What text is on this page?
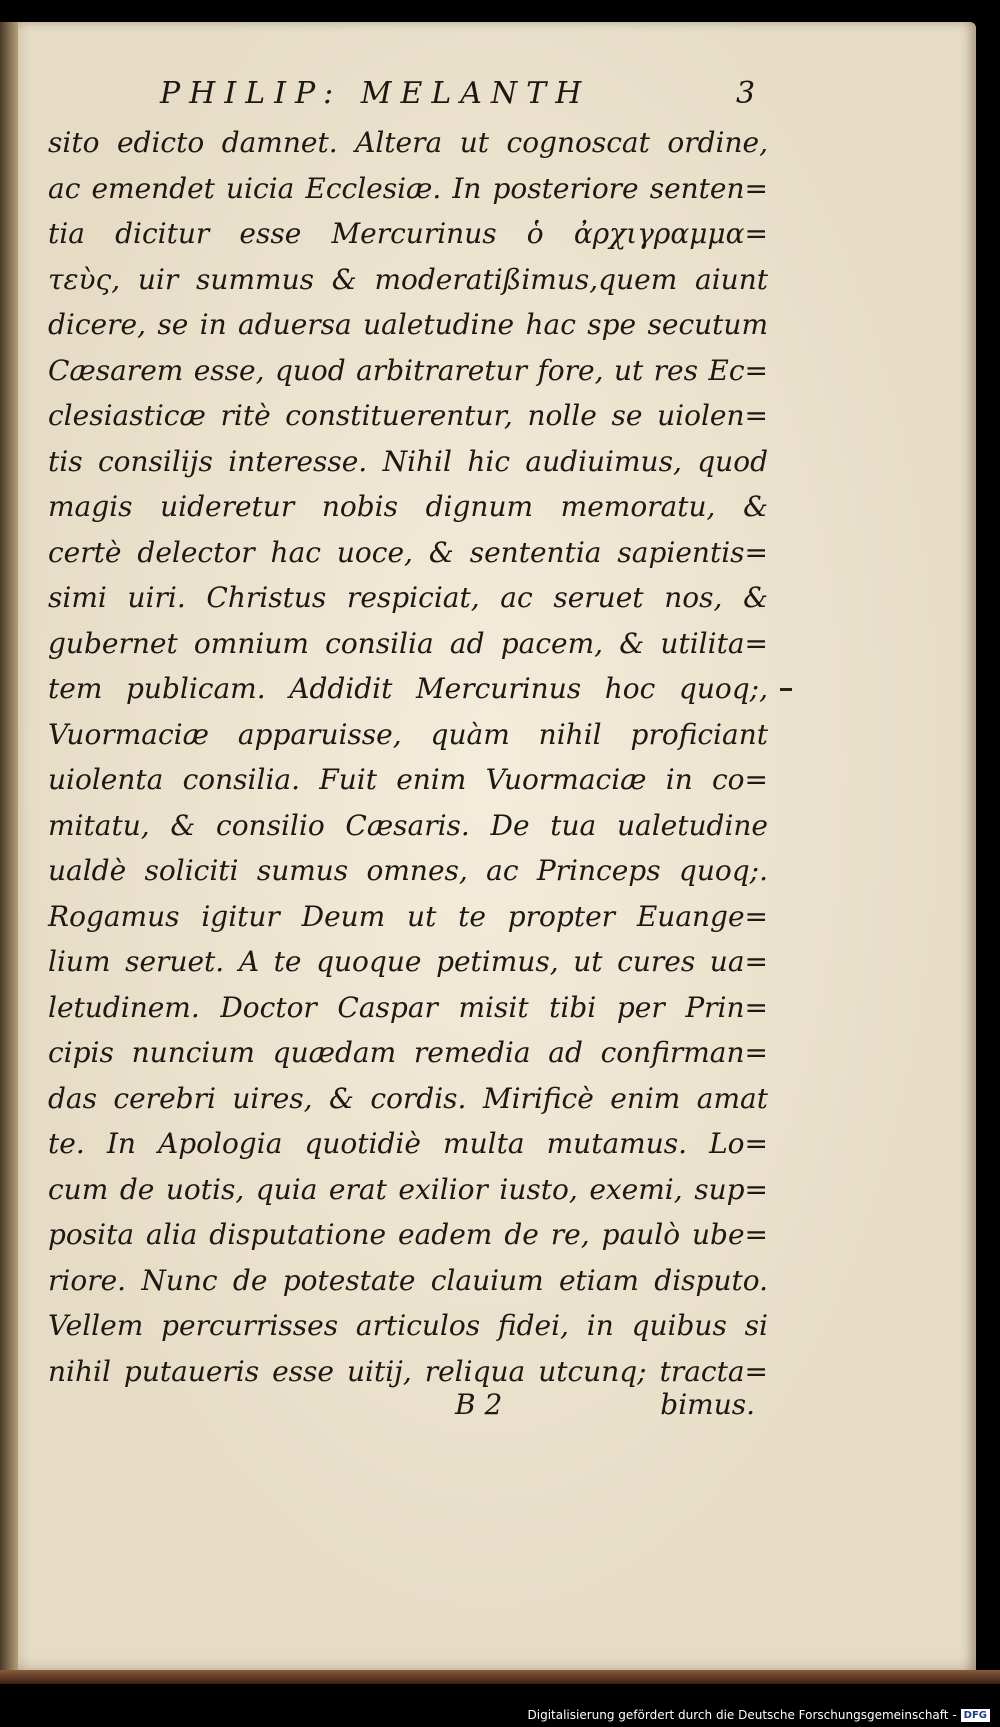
PHILIP: MELANTH	3
sito edicto damnet. Altera ut cognoscat ordine,
ac emendet uicia Ecclesiæ. In posteriore senten=
tia dicitur esse Mercurinus ὁ ἀρχιγραμμα=
τεὺς, uir summus & moderatißimus,quem aiunt
dicere, se in aduersa ualetudine hac spe secutum
Cæsarem esse, quod arbitraretur fore, ut res Ec=
clesiasticæ ritè constituerentur, nolle se uiolen=
tis consilijs interesse. Nihil hic audiuimus, quod
magis uideretur nobis dignum memoratu, &
certè delector hac uoce, & sententia sapientis=
simi uiri. Christus respiciat, ac seruet nos, &
gubernet omnium consilia ad pacem, & utilita=
tem publicam. Addidit Mercurinus hoc quoq;,
Vuormaciæ apparuisse, quàm nihil proficiant
uiolenta consilia. Fuit enim Vuormaciæ in co=
mitatu, & consilio Cæsaris. De tua ualetudine
ualdè soliciti sumus omnes, ac Princeps quoq;.
Rogamus igitur Deum ut te propter Euange=
lium seruet. A te quoque petimus, ut cures ua=
letudinem. Doctor Caspar misit tibi per Prin=
cipis nuncium quædam remedia ad confirman=
das cerebri uires, & cordis. Mirificè enim amat
te. In Apologia quotidiè multa mutamus. Lo=
cum de uotis, quia erat exilior iusto, exemi, sup=
posita alia disputatione eadem de re, paulò ube=
riore. Nunc de potestate clauium etiam disputo.
Vellem percurrisses articulos fidei, in quibus si
nihil putaueris esse uitij, reliqua utcunq; tracta=
B 2	bimus.
Digitalisierung gefördert durch die Deutsche Forschungsgemeinschaft - DFG
